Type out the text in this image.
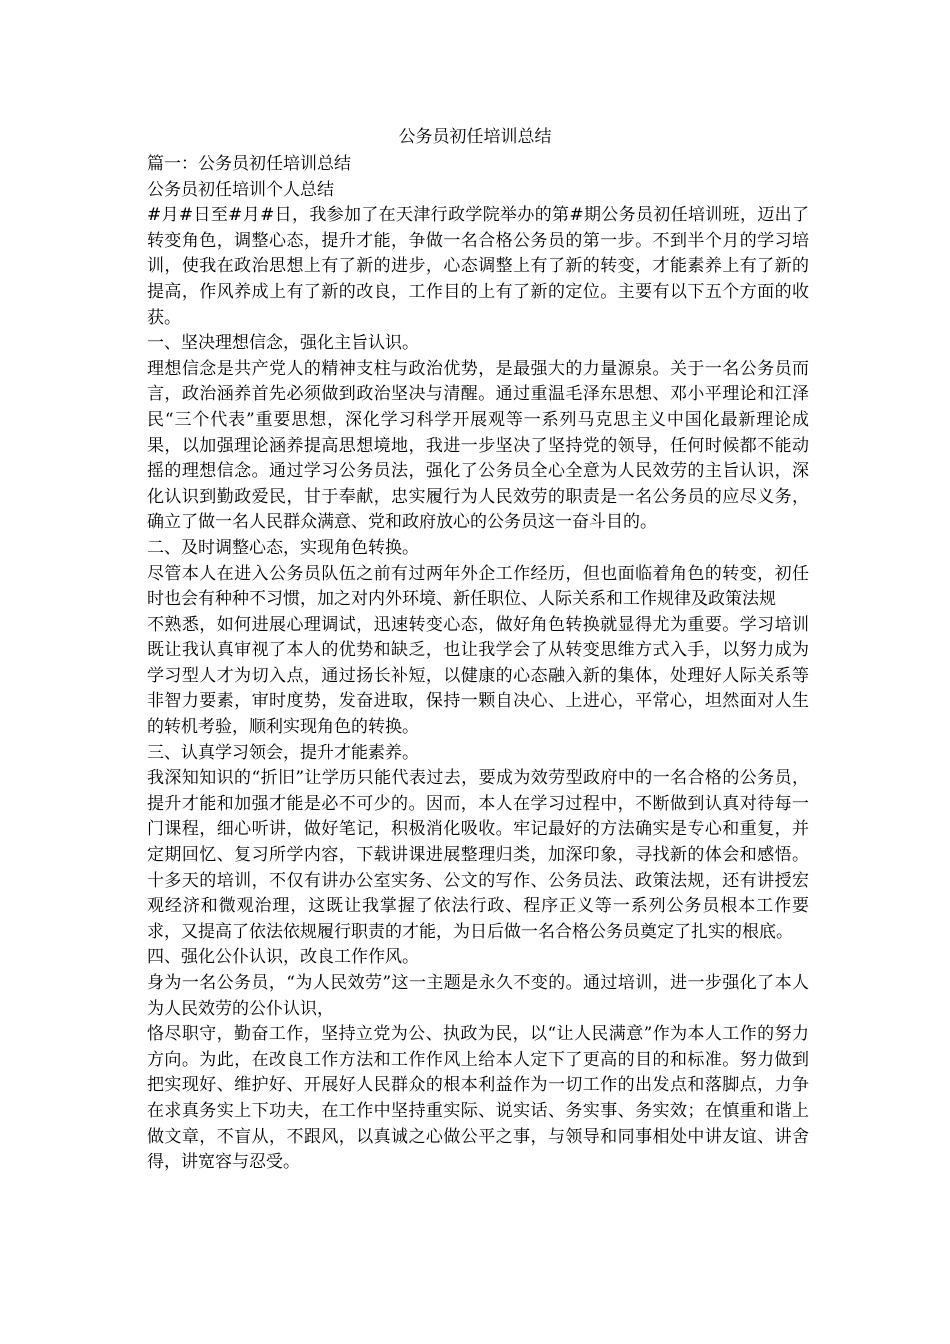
公务员初任培训总结

篇一：公务员初任培训总结

公务员初任培训个人总结

#月#日至#月#日，我参加了在天津行政学院举办的第#期公务员初任培训班，迈出了转变角色，调整心态，提升才能，争做一名合格公务员的第一步。不到半个月的学习培训，使我在政治思想上有了新的进步，心态调整上有了新的转变，才能素养上有了新的提高，作风养成上有了新的改良，工作目的上有了新的定位。主要有以下五个方面的收获。

一、坚决理想信念，强化主旨认识。

理想信念是共产党人的精神支柱与政治优势，是最强大的力量源泉。关于一名公务员而言，政治涵养首先必须做到政治坚决与清醒。通过重温毛泽东思想、邓小平理论和江泽民“三个代表”重要思想，深化学习科学开展观等一系列马克思主义中国化最新理论成果，以加强理论涵养提高思想境地，我进一步坚决了坚持党的领导，任何时候都不能动摇的理想信念。通过学习公务员法，强化了公务员全心全意为人民效劳的主旨认识，深化认识到勤政爱民，甘于奉献，忠实履行为人民效劳的职责是一名公务员的应尽义务，确立了做一名人民群众满意、党和政府放心的公务员这一奋斗目的。

二、及时调整心态，实现角色转换。

尽管本人在进入公务员队伍之前有过两年外企工作经历，但也面临着角色的转变，初任时也会有种种不习惯，加之对内外环境、新任职位、人际关系和工作规律及政策法规

不熟悉，如何进展心理调试，迅速转变心态，做好角色转换就显得尤为重要。学习培训既让我认真审视了本人的优势和缺乏，也让我学会了从转变思维方式入手，以努力成为学习型人才为切入点，通过扬长补短，以健康的心态融入新的集体，处理好人际关系等非智力要素，审时度势，发奋进取，保持一颗自决心、上进心，平常心，坦然面对人生的转机考验，顺利实现角色的转换。

三、认真学习领会，提升才能素养。

我深知知识的“折旧”让学历只能代表过去，要成为效劳型政府中的一名合格的公务员，提升才能和加强才能是必不可少的。因而，本人在学习过程中，不断做到认真对待每一门课程，细心听讲，做好笔记，积极消化吸收。牢记最好的方法确实是专心和重复，并定期回忆、复习所学内容，下载讲课进展整理归类，加深印象，寻找新的体会和感悟。十多天的培训，不仅有讲办公室实务、公文的写作、公务员法、政策法规，还有讲授宏观经济和微观治理，这既让我掌握了依法行政、程序正义等一系列公务员根本工作要求，又提高了依法依规履行职责的才能，为日后做一名合格公务员奠定了扎实的根底。

四、强化公仆认识，改良工作作风。

身为一名公务员，“为人民效劳”这一主题是永久不变的。通过培训，进一步强化了本人为人民效劳的公仆认识，

恪尽职守，勤奋工作，坚持立党为公、执政为民，以“让人民满意”作为本人工作的努力方向。为此，在改良工作方法和工作作风上给本人定下了更高的目的和标准。努力做到把实现好、维护好、开展好人民群众的根本利益作为一切工作的出发点和落脚点，力争在求真务实上下功夫，在工作中坚持重实际、说实话、务实事、务实效；在慎重和谐上做文章，不盲从，不跟风，以真诚之心做公平之事，与领导和同事相处中讲友谊、讲舍得，讲宽容与忍受。
